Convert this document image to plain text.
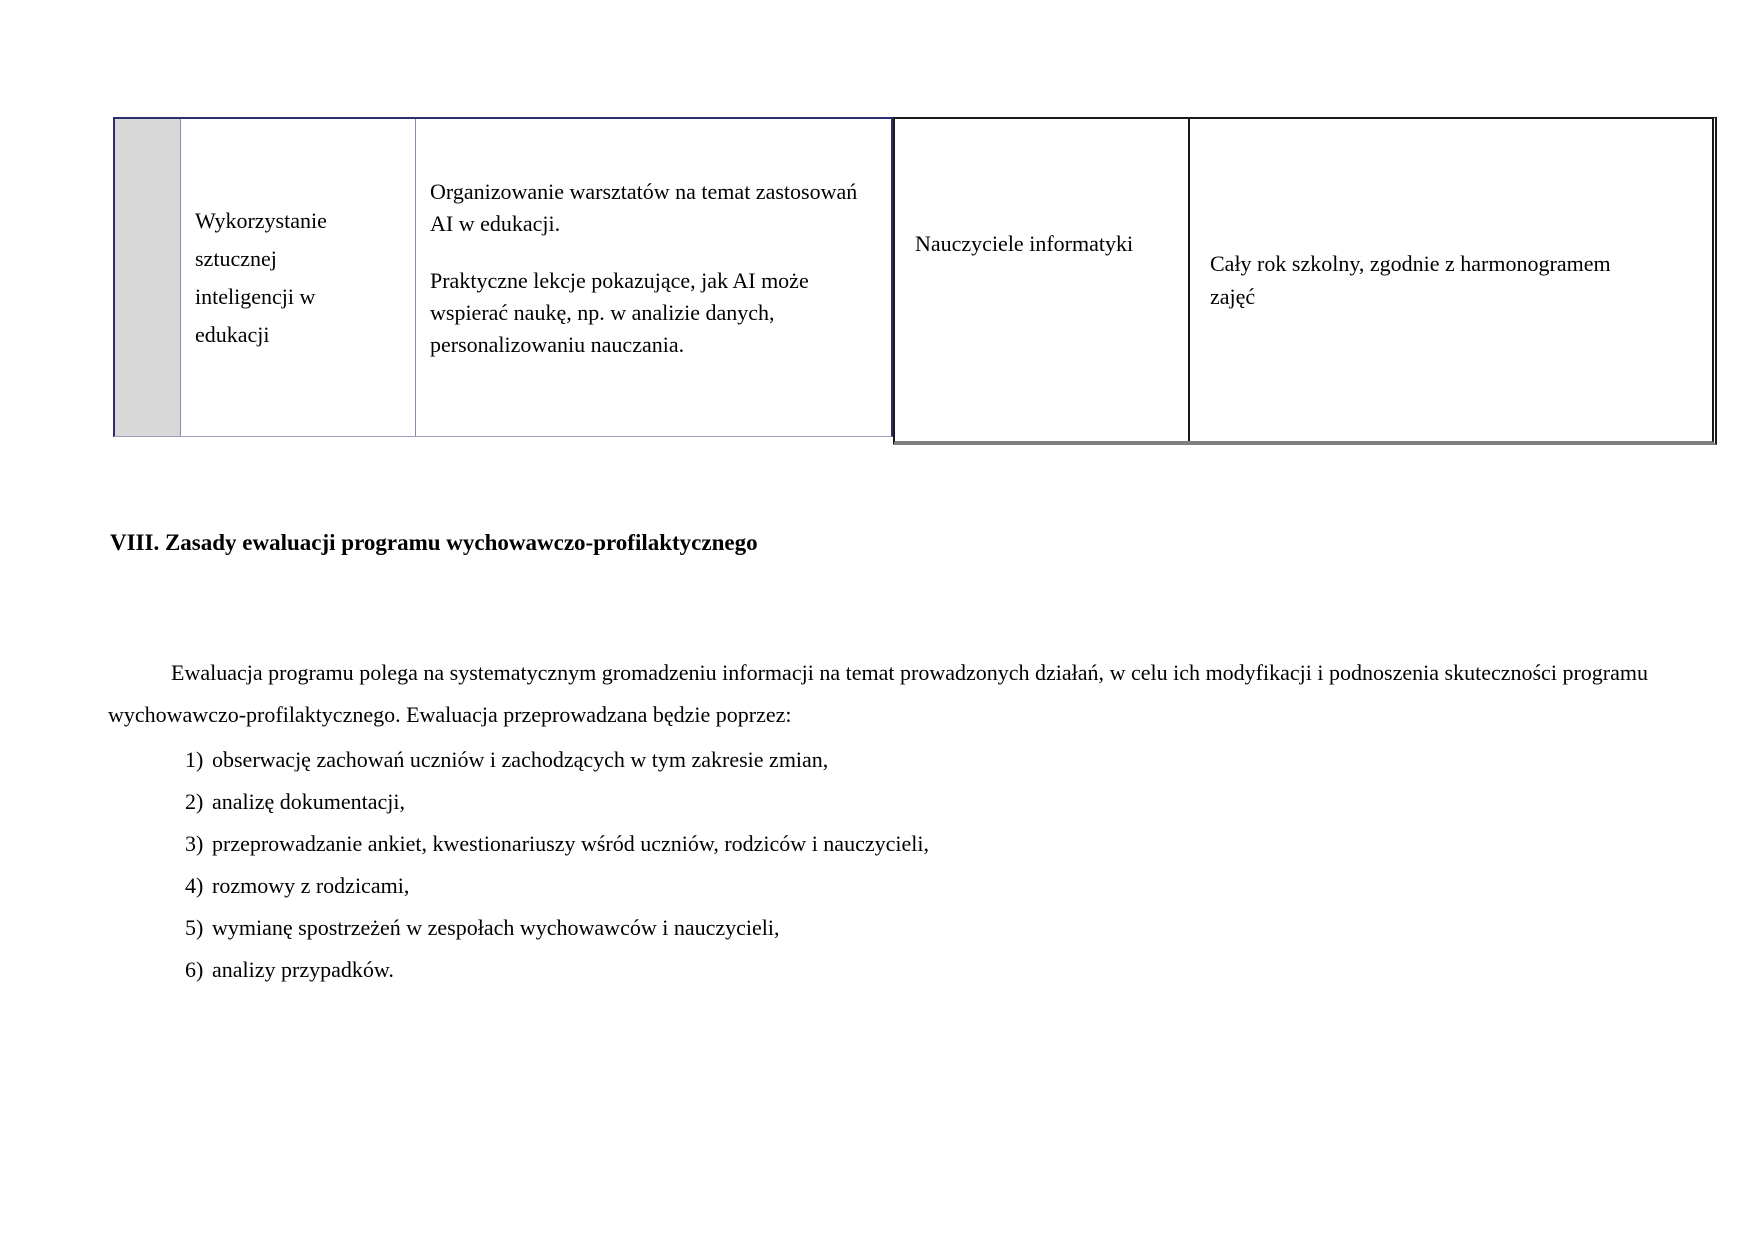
Wykorzystanie sztucznej inteligencji w edukacji

Organizowanie warsztatów na temat zastosowań AI w edukacji.

Praktyczne lekcje pokazujące, jak AI może wspierać naukę, np. w analizie danych, personalizowaniu nauczania.

Nauczyciele informatyki
Cały rok szkolny, zgodnie z harmonogramem zajęć
VIII. Zasady ewaluacji programu wychowawczo-profilaktycznego

Ewaluacja programu polega na systematycznym gromadzeniu informacji na temat prowadzonych działań, w celu ich modyfikacji i podnoszenia skuteczności programu wychowawczo-profilaktycznego. Ewaluacja przeprowadzana będzie poprzez:

1) obserwację zachowań uczniów i zachodzących w tym zakresie zmian,
2) analizę dokumentacji,
3) przeprowadzanie ankiet, kwestionariuszy wśród uczniów, rodziców i nauczycieli,
4) rozmowy z rodzicami,
5) wymianę spostrzeżeń w zespołach wychowawców i nauczycieli,
6) analizy przypadków.
